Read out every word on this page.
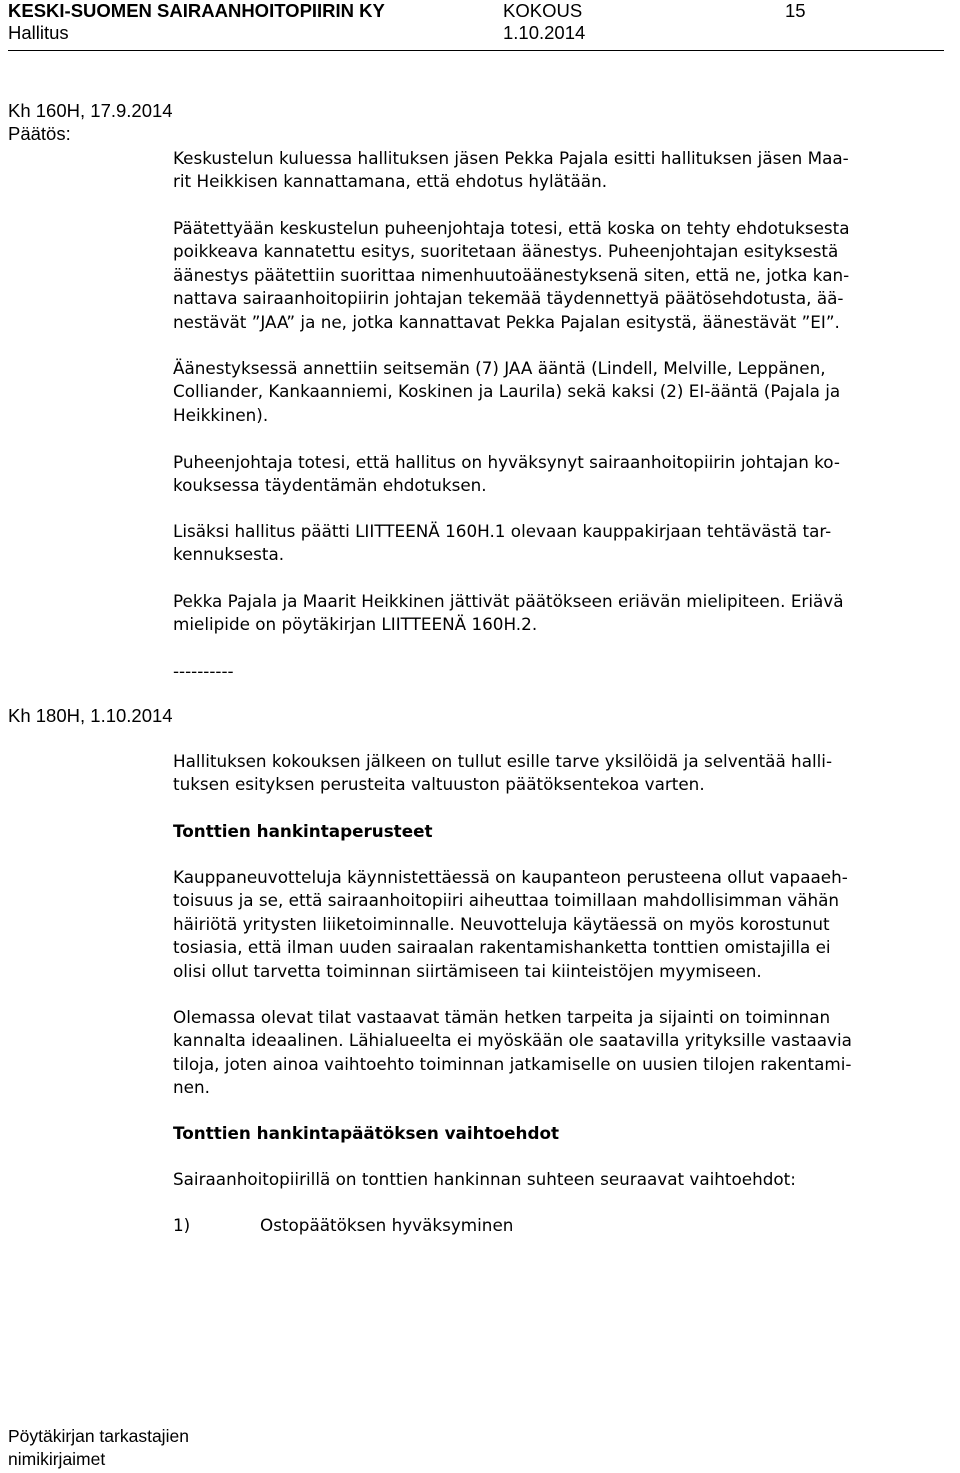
KESKI-SUOMEN SAIRAANHOITOPIIRIN KY	KOKOUS	15
Hallitus	1.10.2014
Kh 160H, 17.9.2014
Päätös:
Kh 180H, 1.10.2014

Keskustelun kuluessa hallituksen jäsen Pekka Pajala esitti hallituksen jäsen Maa-
rit Heikkisen kannattamana, että ehdotus hylätään.

Päätettyään keskustelun puheenjohtaja totesi, että koska on tehty ehdotuksesta
poikkeava kannatettu esitys, suoritetaan äänestys. Puheenjohtajan esityksestä
äänestys päätettiin suorittaa nimenhuutoäänestyksenä siten, että ne, jotka kan-
nattava sairaanhoitopiirin johtajan tekemää täydennettyä päätösehdotusta, ää-
nestävät ”JAA” ja ne, jotka kannattavat Pekka Pajalan esitystä, äänestävät ”EI”.

Äänestyksessä annettiin seitsemän (7) JAA ääntä (Lindell, Melville, Leppänen,
Colliander, Kankaanniemi, Koskinen ja Laurila) sekä kaksi (2) EI-ääntä (Pajala ja
Heikkinen).

Puheenjohtaja totesi, että hallitus on hyväksynyt sairaanhoitopiirin johtajan ko-
kouksessa täydentämän ehdotuksen.

Lisäksi hallitus päätti LIITTEENÄ 160H.1 olevaan kauppakirjaan tehtävästä tar-
kennuksesta.

Pekka Pajala ja Maarit Heikkinen jättivät päätökseen eriävän mielipiteen. Eriävä
mielipide on pöytäkirjan LIITTEENÄ 160H.2.

----------

Hallituksen kokouksen jälkeen on tullut esille tarve yksilöidä ja selventää halli-
tuksen esityksen perusteita valtuuston päätöksentekoa varten.

Tonttien hankintaperusteet

Kauppaneuvotteluja käynnistettäessä on kaupanteon perusteena ollut vapaaeh-
toisuus ja se, että sairaanhoitopiiri aiheuttaa toimillaan mahdollisimman vähän
häiriötä yritysten liiketoiminnalle. Neuvotteluja käytäessä on myös korostunut
tosiasia, että ilman uuden sairaalan rakentamishanketta tonttien omistajilla ei
olisi ollut tarvetta toiminnan siirtämiseen tai kiinteistöjen myymiseen.

Olemassa olevat tilat vastaavat tämän hetken tarpeita ja sijainti on toiminnan
kannalta ideaalinen. Lähialueelta ei myöskään ole saatavilla yrityksille vastaavia
tiloja, joten ainoa vaihtoehto toiminnan jatkamiselle on uusien tilojen rakentami-
nen.

Tonttien hankintapäätöksen vaihtoehdot

Sairaanhoitopiirillä on tonttien hankinnan suhteen seuraavat vaihtoehdot:

1)	Ostopäätöksen hyväksyminen
Pöytäkirjan tarkastajien
nimikirjaimet
